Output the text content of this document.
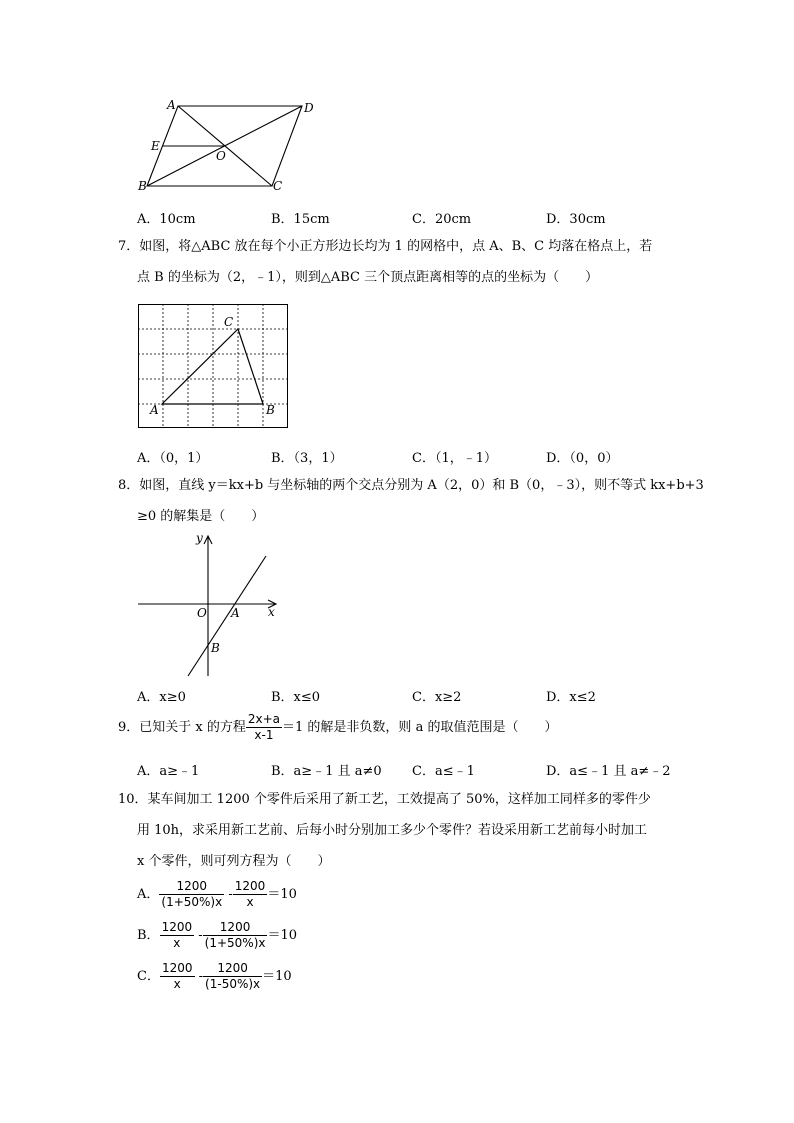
A	D
E
O
B	C
A．10cm	B．15cm	C．20cm	D．30cm
7．如图，将△ABC 放在每个小正方形边长均为 1 的网格中，点 A、B、C 均落在格点上，若
点 B 的坐标为（2，﹣1），则到△ABC 三个顶点距离相等的点的坐标为（　　）
A	B
C
A．（0，1）	B．（3，1）	C．（1，﹣1）	D．（0，0）
8．如图，直线 y＝kx+b 与坐标轴的两个交点分别为 A（2，0）和 B（0，﹣3），则不等式 kx+b+3
≥0 的解集是（　　）
y
x
O A
B
A．x≥0	B．x≤0	C．x≥2	D．x≤2
9．已知关于 x 的方程 $\frac{2x+a}{x-1} =1$ 的解是非负数，则 a 的取值范围是（　　）
A．a≥﹣1	B．a≥﹣1 且 a≠0 C．a≤﹣1	D．a≤﹣1 且 a≠﹣2
10．某车间加工 1200 个零件后采用了新工艺，工效提高了 50%，这样加工同样多的零件少
用 10h，求采用新工艺前、后每小时分别加工多少个零件？若设采用新工艺前每小时加工
x 个零件，则可列方程为（　　）
A． $\frac{1200}{(1+50\%)x} - \frac{1200}{x} =10$
B． $\frac{1200}{x} - \frac{1200}{(1+50\%)x} =10$
C． $\frac{1200}{x} - \frac{1200}{(1-50\%)x} =10$
